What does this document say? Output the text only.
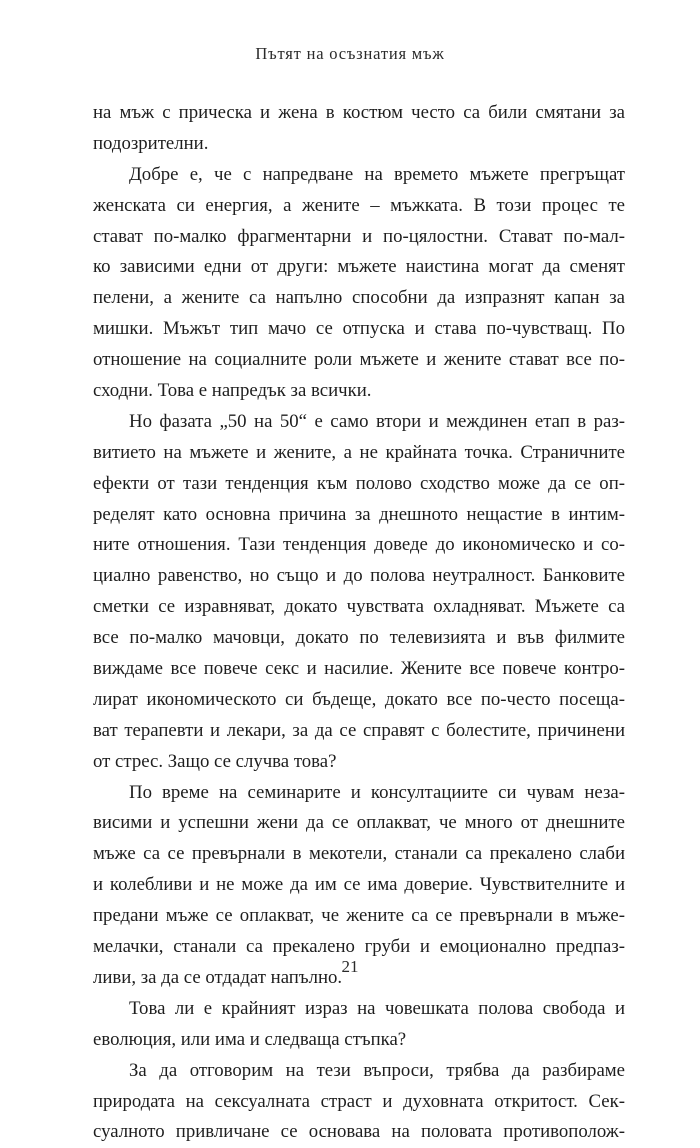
Пътят на осъзнатия мъж
на мъж с прическа и жена в костюм често са били смятани за
подозрителни.
Добре е, че с напредване на времето мъжете прегръщат
женската си енергия, а жените – мъжката. В този процес те
стават по-малко фрагментарни и по-цялостни. Стават по-мал-
ко зависими едни от други: мъжете наистина могат да сменят
пелени, а жените са напълно способни да изпразнят капан за
мишки. Мъжът тип мачо се отпуска и става по-чувстващ. По
отношение на социалните роли мъжете и жените стават все по-
сходни. Това е напредък за всички.
Но фазата „50 на 50“ е само втори и междинен етап в раз-
витието на мъжете и жените, а не крайната точка. Страничните
ефекти от тази тенденция към полово сходство може да се оп-
ределят като основна причина за днешното нещастие в интим-
ните отношения. Тази тенденция доведе до икономическо и со-
циално равенство, но също и до полова неутралност. Банковите
сметки се изравняват, докато чувствата охладняват. Мъжете са
все по-малко мачовци, докато по телевизията и във филмите
виждаме все повече секс и насилие. Жените все повече контро-
лират икономическото си бъдеще, докато все по-често посеща-
ват терапевти и лекари, за да се справят с болестите, причинени
от стрес. Защо се случва това?
По време на семинарите и консултациите си чувам неза-
висими и успешни жени да се оплакват, че много от днешните
мъже са се превърнали в мекотели, станали са прекалено слаби
и колебливи и не може да им се има доверие. Чувствителните и
предани мъже се оплакват, че жените са се превърнали в мъже-
мелачки, станали са прекалено груби и емоционално предпаз-
ливи, за да се отдадат напълно.
Това ли е крайният израз на човешката полова свобода и
еволюция, или има и следваща стъпка?
За да отговорим на тези въпроси, трябва да разбираме
природата на сексуалната страст и духовната откритост. Сек-
суалното привличане се основава на половата противополож-
21
